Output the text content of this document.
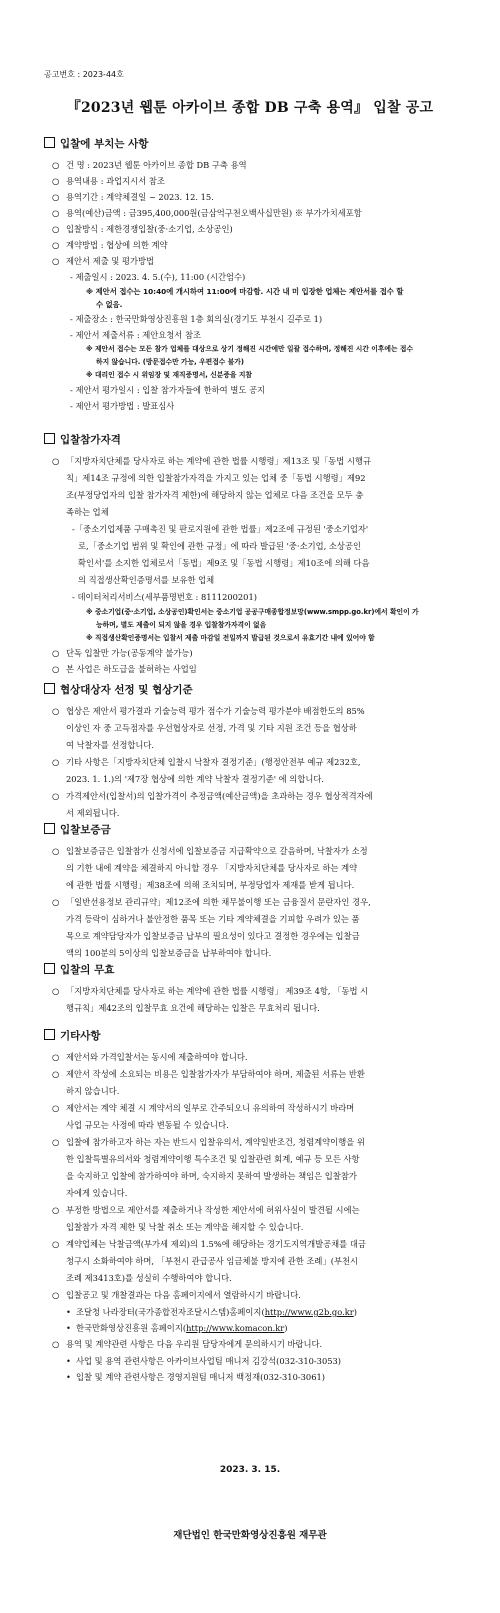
공고번호 : 2023-44호
『2023년 웹툰 아카이브 종합 DB 구축 용역』 입찰 공고
입찰에 부치는 사항
○ 건 명 : 2023년 웹툰 아카이브 종합 DB 구축 용역
○ 용역내용 : 과업지시서 참조
○ 용역기간 : 계약체결일 ~ 2023. 12. 15.
○ 용역(예산)금액 : 금395,400,000원(금삼억구천오백사십만원) ※ 부가가치세포함
○ 입찰방식 : 제한경쟁입찰(중·소기업, 소상공인)
○ 계약방법 : 협상에 의한 계약
○ 제안서 제출 및 평가방법
- 제출일시 : 2023. 4. 5.(수), 11:00 (시간엄수)
※ 제안서 접수는 10:40에 개시하여 11:00에 마감함. 시간 내 미 입장한 업체는 제안서를 접수 할
수 없음.
- 제출장소 : 한국만화영상진흥원 1층 회의실(경기도 부천시 길주로 1)
- 제안서 제출서류 : 제안요청서 참조
※ 제안서 접수는 모든 참가 업체를 대상으로 상기 정해진 시간에만 일괄 접수하며, 정해진 시간 이후에는 접수
하지 않습니다. (방문접수만 가능, 우편접수 불가)
※ 대리인 접수 시 위임장 및 재직증명서, 신분증을 지참
- 제안서 평가일시 : 입찰 참가자들에 한하여 별도 공지
- 제안서 평가방법 : 발표심사
입찰참가자격
○ 「지방자치단체를 당사자로 하는 계약에 관한 법률 시행령」제13조 및「동법 시행규
칙」제14조 규정에 의한 입찰참가자격을 가지고 있는 업체 중「동법 시행령」제92
조(부정당업자의 입찰 참가자격 제한)에 해당하지 않는 업체로 다음 조건을 모두 충
족하는 업체
-「중소기업제품 구매촉진 및 판로지원에 관한 법률」제2조에 규정된 '중소기업자'
로,「중소기업 범위 및 확인에 관한 규정」에 따라 발급된 '중·소기업, 소상공인
확인서'를 소지한 업체로서「동법」제9조 및「동법 시행령」제10조에 의해 다음
의 직접생산확인증명서를 보유한 업체
- 데이터처리서비스(세부품명번호 : 8111200201)
※ 중소기업(중·소기업, 소상공인)확인서는 중소기업 공공구매종합정보망(www.smpp.go.kr)에서 확인이 가
능하며, 별도 제출이 되지 않을 경우 입찰참가자격이 없음
※ 직접생산확인증명서는 입찰서 제출 마감일 전일까지 발급된 것으로서 유효기간 내에 있어야 함
○ 단독 입찰만 가능(공동계약 불가능)
○ 본 사업은 하도급을 불허하는 사업임
협상대상자 선정 및 협상기준
○ 협상은 제안서 평가결과 기술능력 평가 점수가 기술능력 평가분야 배점한도의 85%
이상인 자 중 고득점자를 우선협상자로 선정, 가격 및 기타 지원 조건 등을 협상하
여 낙찰자를 선정합니다.
○ 기타 사항은「지방자치단체 입찰시 낙찰자 결정기준」(행정안전부 예규 제232호,
2023. 1. 1.)의 '제7장 협상에 의한 계약 낙찰자 결정기준' 에 의합니다.
○ 가격제안서(입찰서)의 입찰가격이 추정금액(예산금액)을 초과하는 경우 협상적격자에
서 제외됩니다.
입찰보증금
○ 입찰보증금은 입찰참가 신청서에 입찰보증금 지급확약으로 갈음하며, 낙찰자가 소정
의 기한 내에 계약을 체결하지 아니할 경우 「지방자치단체를 당사자로 하는 계약
에 관한 법률 시행령」제38조에 의해 조치되며, 부정당업자 제재를 받게 됩니다.
○ 「일반선용정보 관리규약」제12조에 의한 채무불이행 또는 금융질서 문란자인 경우,
가격 등락이 심하거나 불안정한 품목 또는 기타 계약체결을 기피할 우려가 있는 품
목으로 계약담당자가 입찰보증금 납부의 필요성이 있다고 결정한 경우에는 입찰금
액의 100분의 5이상의 입찰보증금을 납부하여야 합니다.
입찰의 무효
○ 「지방자치단체를 당사자로 하는 계약에 관한 법률 시행령」 제39조 4항, 「동법 시
행규칙」제42조의 입찰무효 요건에 해당하는 입찰은 무효처리 됩니다.
기타사항
○ 제안서와 가격입찰서는 동시에 제출하여야 합니다.
○ 제안서 작성에 소요되는 비용은 입찰참가자가 부담하여야 하며, 제출된 서류는 반환
하지 않습니다.
○ 제안서는 계약 체결 시 계약서의 일부로 간주되오니 유의하여 작성하시기 바라며
사업 규모는 사정에 따라 변동될 수 있습니다.
○ 입찰에 참가하고자 하는 자는 반드시 입찰유의서, 계약일반조건, 청렴계약이행을 위
한 입찰특별유의서와 청렴계약이행 특수조건 및 입찰관련 회계, 예규 등 모든 사항
을 숙지하고 입찰에 참가하여야 하며, 숙지하지 못하여 발생하는 책임은 입찰참가
자에게 있습니다.
○ 부정한 방법으로 제안서를 제출하거나 작성한 제안서에 허위사실이 발견될 시에는
입찰참가 자격 제한 및 낙찰 취소 또는 계약을 해지할 수 있습니다.
○ 계약업체는 낙찰금액(부가세 제외)의 1.5%에 해당하는 경기도지역개발공채를 대금
청구시 소화하여야 하며, 「부천시 관급공사 임금체불 방지에 관한 조례」(부천시
조례 제3413호)를 성실히 수행하여야 합니다.
○ 입찰공고 및 개찰결과는 다음 홈페이지에서 열람하시기 바랍니다.
• 조달청 나라장터(국가종합전자조달시스템)홈페이지(http://www.g2b.go.kr)
• 한국만화영상진흥원 홈페이지(http://www.komacon.kr)
○ 용역 및 계약관련 사항은 다음 우리원 담당자에게 문의하시기 바랍니다.
• 사업 및 용역 관련사항은 아카이브사업팀 매니저 김강석(032-310-3053)
• 입찰 및 계약 관련사항은 경영지원팀 매니저 백정재(032-310-3061)
2023. 3. 15.
재단법인 한국만화영상진흥원 재무관
